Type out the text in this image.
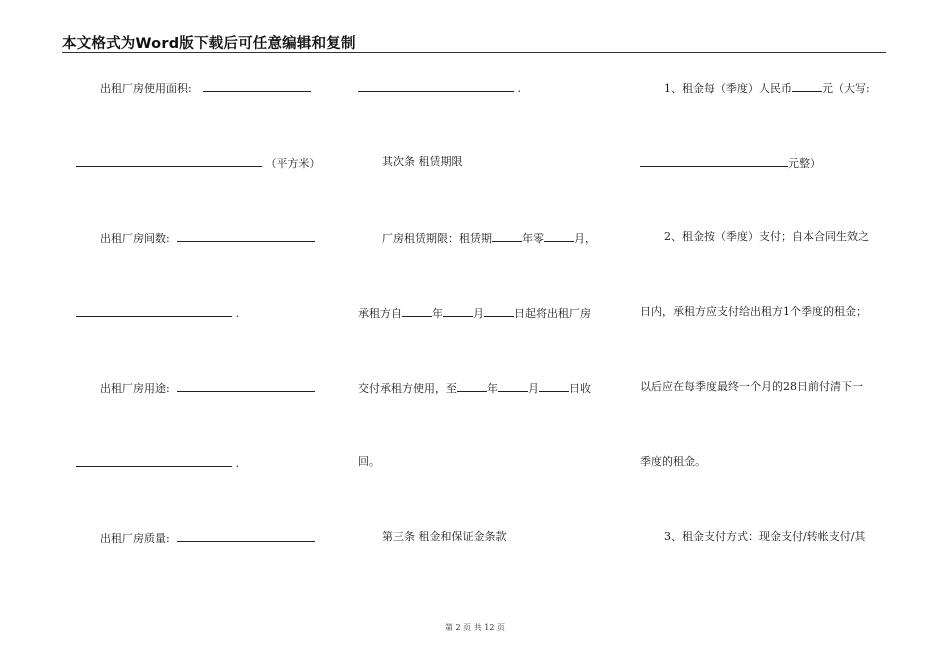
本文格式为Word版下载后可任意编辑和复制
出租厂房使用面积:
（平方米）
出租厂房间数:
.
出租厂房用途:
.
出租厂房质量:
.
其次条 租赁期限
厂房租赁期限：租赁期	年零	月，
承租方自	年	月	日起将出租厂房
交付承租方使用，至	年	月	日收
回。
第三条 租金和保证金条款
1、租金每（季度）人民币	元（大写:
元整）
2、租金按（季度）支付；自本合同生效之
日内，承租方应支付给出租方1个季度的租金；
以后应在每季度最终一个月的28日前付清下一
季度的租金。
3、租金支付方式：现金支付/转帐支付/其
第 2 页 共 12 页
